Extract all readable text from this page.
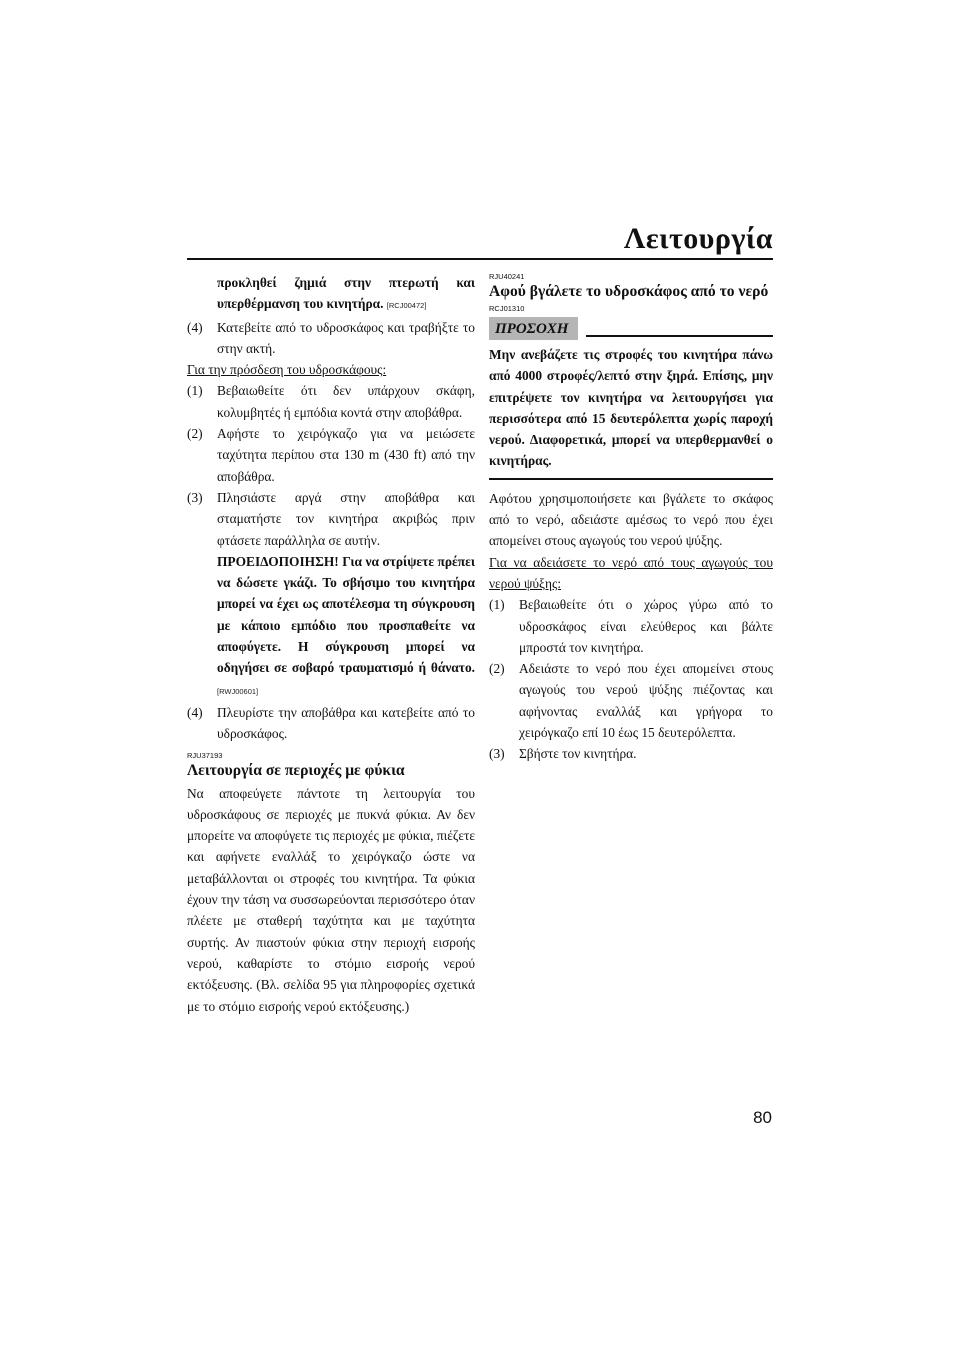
Λειτουργία

προκληθεί ζημιά στην πτερωτή και υπερθέρμανση του κινητήρα. [RCJ00472]

(4)	Κατεβείτε από το υδροσκάφος και τραβήξτε το στην ακτή.

Για την πρόσδεση του υδροσκάφους:

(1)	Βεβαιωθείτε ότι δεν υπάρχουν σκάφη, κολυμβητές ή εμπόδια κοντά στην αποβάθρα.
(2)	Αφήστε το χειρόγκαζο για να μειώσετε ταχύτητα περίπου στα 130 m (430 ft) από την αποβάθρα.
(3)	Πλησιάστε αργά στην αποβάθρα και σταματήστε τον κινητήρα ακριβώς πριν φτάσετε παράλληλα σε αυτήν.

ΠΡΟΕΙΔΟΠΟΙΗΣΗ! Για να στρίψετε πρέπει να δώσετε γκάζι. Το σβήσιμο του κινητήρα μπορεί να έχει ως αποτέλεσμα τη σύγκρουση με κάποιο εμπόδιο που προσπαθείτε να αποφύγετε. Η σύγκρουση μπορεί να οδηγήσει σε σοβαρό τραυματισμό ή θάνατο. [RWJ00601]

(4)	Πλευρίστε την αποβάθρα και κατεβείτε από το υδροσκάφος.
RJU37193
Λειτουργία σε περιοχές με φύκια

Να αποφεύγετε πάντοτε τη λειτουργία του υδροσκάφους σε περιοχές με πυκνά φύκια. Αν δεν μπορείτε να αποφύγετε τις περιοχές με φύκια, πιέζετε και αφήνετε εναλλάξ το χειρόγκαζο ώστε να μεταβάλλονται οι στροφές του κινητήρα. Τα φύκια έχουν την τάση να συσσωρεύονται περισσότερο όταν πλέετε με σταθερή ταχύτητα και με ταχύτητα συρτής. Αν πιαστούν φύκια στην περιοχή εισροής νερού, καθαρίστε το στόμιο εισροής νερού εκτόξευσης. (Βλ. σελίδα 95 για πληροφορίες σχετικά με το στόμιο εισροής νερού εκτόξευσης.)

RJU40241
Αφού βγάλετε το υδροσκάφος από το νερό
RCJ01310
ΠΡΟΣΟΧΗ

Μην ανεβάζετε τις στροφές του κινητήρα πάνω από 4000 στροφές/λεπτό στην ξηρά. Επίσης, μην επιτρέψετε τον κινητήρα να λειτουργήσει για περισσότερα από 15 δευτερόλεπτα χωρίς παροχή νερού. Διαφορετικά, μπορεί να υπερθερμανθεί ο κινητήρας.

Αφότου χρησιμοποιήσετε και βγάλετε το σκάφος από το νερό, αδειάστε αμέσως το νερό που έχει απομείνει στους αγωγούς του νερού ψύξης.

Για να αδειάσετε το νερό από τους αγωγούς του νερού ψύξης:

(1)	Βεβαιωθείτε ότι ο χώρος γύρω από το υδροσκάφος είναι ελεύθερος και βάλτε μπροστά τον κινητήρα.
(2)	Αδειάστε το νερό που έχει απομείνει στους αγωγούς του νερού ψύξης πιέζοντας και αφήνοντας εναλλάξ και γρήγορα το χειρόγκαζο επί 10 έως 15 δευτερόλεπτα.
(3)	Σβήστε τον κινητήρα.
80
